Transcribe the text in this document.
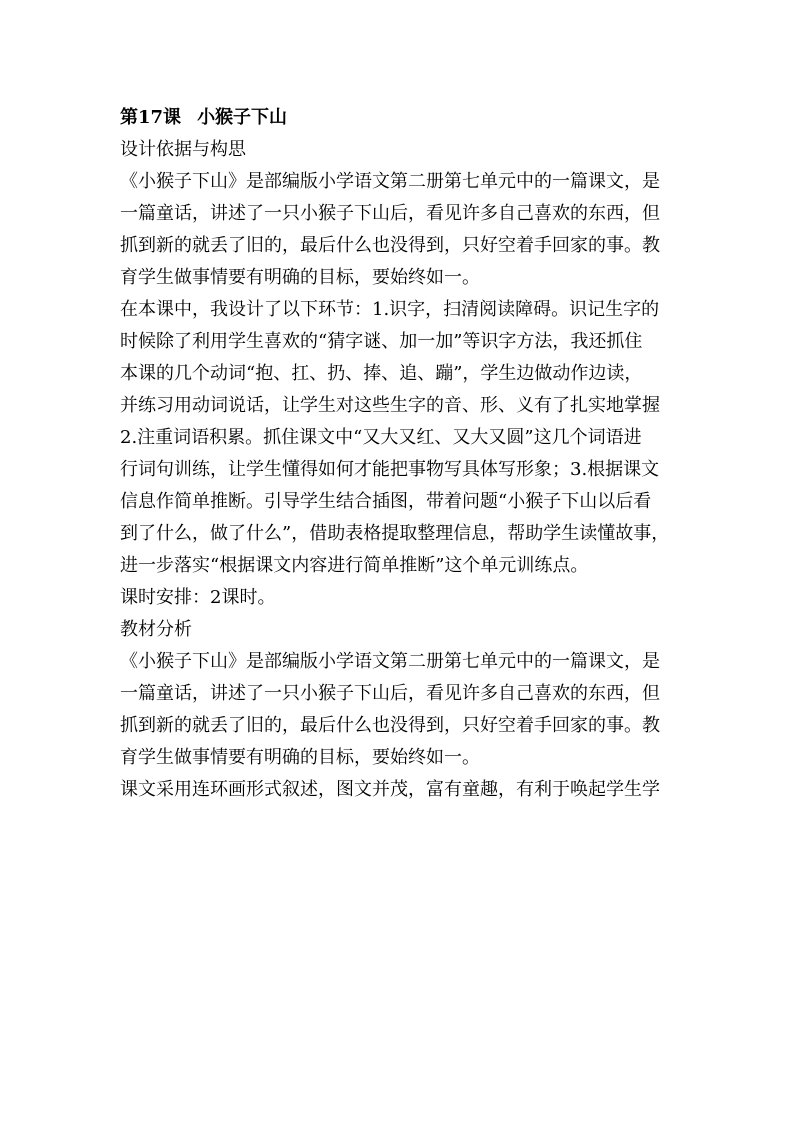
第17课 小猴子下山
设计依据与构思
《小猴子下山》是部编版小学语文第二册第七单元中的一篇课文，是
一篇童话，讲述了一只小猴子下山后，看见许多自己喜欢的东西，但
抓到新的就丢了旧的，最后什么也没得到，只好空着手回家的事。教
育学生做事情要有明确的目标，要始终如一。
在本课中，我设计了以下环节：1.识字，扫清阅读障碍。识记生字的
时候除了利用学生喜欢的“猜字谜、加一加”等识字方法，我还抓住
本课的几个动词“抱、扛、扔、捧、追、蹦”，学生边做动作边读，
并练习用动词说话，让学生对这些生字的音、形、义有了扎实地掌握
2.注重词语积累。抓住课文中“又大又红、又大又圆”这几个词语进
行词句训练，让学生懂得如何才能把事物写具体写形象；3.根据课文
信息作简单推断。引导学生结合插图，带着问题“小猴子下山以后看
到了什么，做了什么”，借助表格提取整理信息，帮助学生读懂故事，
进一步落实“根据课文内容进行简单推断”这个单元训练点。
课时安排：2课时。
教材分析
《小猴子下山》是部编版小学语文第二册第七单元中的一篇课文，是
一篇童话，讲述了一只小猴子下山后，看见许多自己喜欢的东西，但
抓到新的就丢了旧的，最后什么也没得到，只好空着手回家的事。教
育学生做事情要有明确的目标，要始终如一。
课文采用连环画形式叙述，图文并茂，富有童趣，有利于唤起学生学
